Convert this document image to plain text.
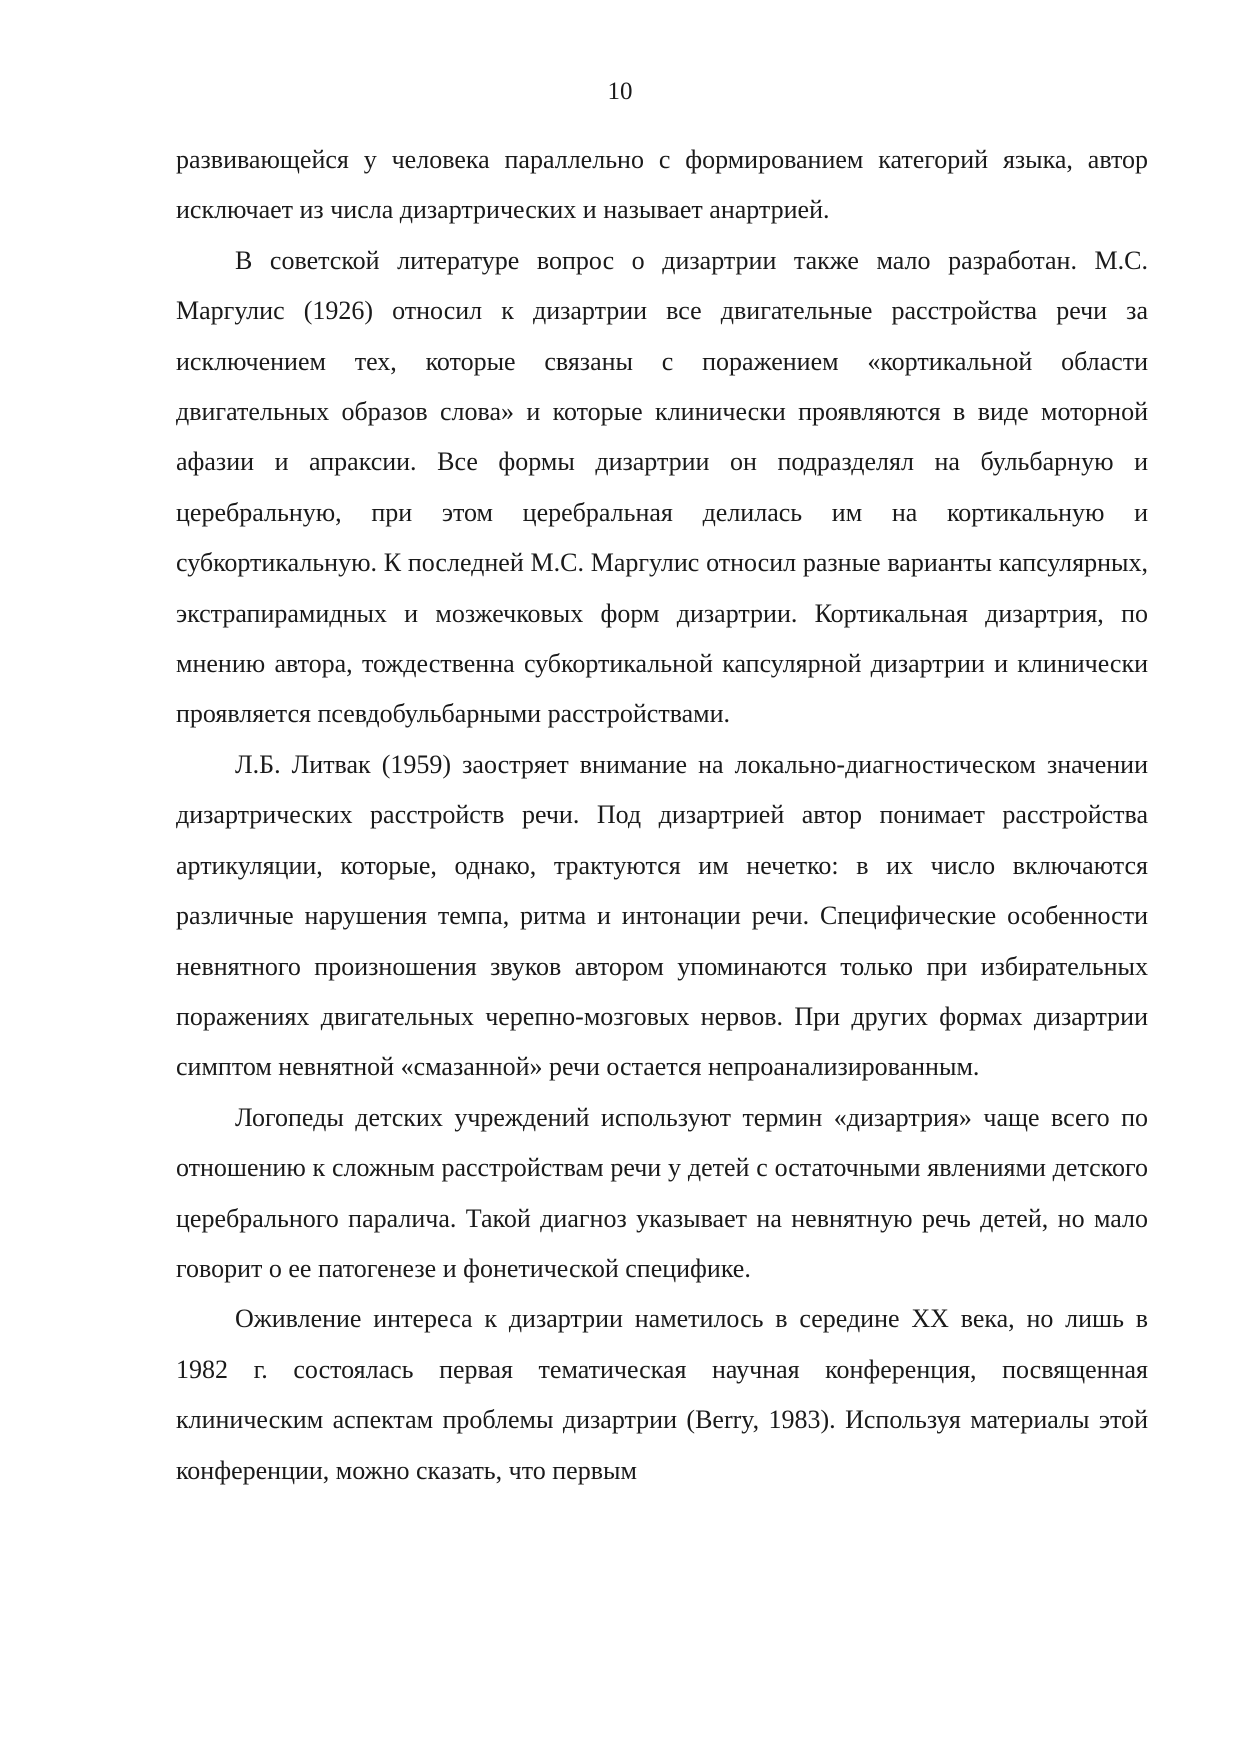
10

развивающейся у человека параллельно с формированием категорий языка, автор исключает из числа дизартрических и называет анартрией.

В советской литературе вопрос о дизартрии также мало разработан. М.С. Маргулис (1926) относил к дизартрии все двигательные расстройства речи за исключением тех, которые связаны с поражением «кортикальной области двигательных образов слова» и которые клинически проявляются в виде моторной афазии и апраксии. Все формы дизартрии он подразделял на бульбарную и церебральную, при этом церебральная делилась им на кортикальную и субкортикальную. К последней М.С. Маргулис относил разные варианты капсулярных, экстрапирамидных и мозжечковых форм дизартрии. Кортикальная дизартрия, по мнению автора, тождественна субкортикальной капсулярной дизартрии и клинически проявляется псевдобульбарными расстройствами.

Л.Б. Литвак (1959) заостряет внимание на локально-диагностическом значении дизартрических расстройств речи. Под дизартрией автор понимает расстройства артикуляции, которые, однако, трактуются им нечетко: в их число включаются различные нарушения темпа, ритма и интонации речи. Специфические особенности невнятного произношения звуков автором упоминаются только при избирательных поражениях двигательных черепно-мозговых нервов. При других формах дизартрии симптом невнятной «смазанной» речи остается непроанализированным.

Логопеды детских учреждений используют термин «дизартрия» чаще всего по отношению к сложным расстройствам речи у детей с остаточными явлениями детского церебрального паралича. Такой диагноз указывает на невнятную речь детей, но мало говорит о ее патогенезе и фонетической специфике.

Оживление интереса к дизартрии наметилось в середине XX века, но лишь в 1982 г. состоялась первая тематическая научная конференция, посвященная клиническим аспектам проблемы дизартрии (Berry, 1983). Используя материалы этой конференции, можно сказать, что первым
